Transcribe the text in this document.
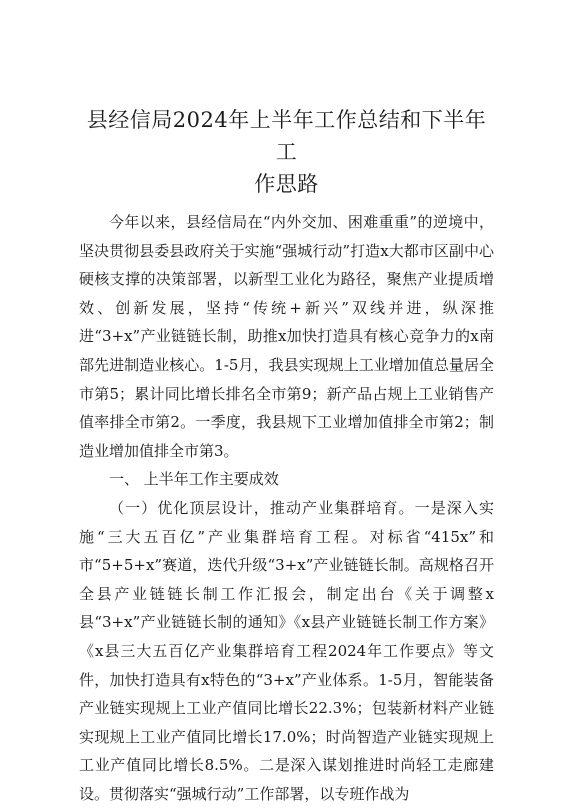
县经信局2024年上半年工作总结和下半年工
作思路

今年以来，县经信局在“内外交加、困难重重”的逆境中，坚决贯彻县委县政府关于实施“强城行动”打造x大都市区副中心硬核支撑的决策部署，以新型工业化为路径，聚焦产业提质增效、创新发展，坚持“传统+新兴”双线并进，纵深推进“3+x”产业链链长制，助推x加快打造具有核心竞争力的x南部先进制造业核心。1-5月，我县实现规上工业增加值总量居全市第5；累计同比增长排名全市第9；新产品占规上工业销售产值率排全市第2。一季度，我县规下工业增加值排全市第2；制造业增加值排全市第3。

一、 上半年工作主要成效

（一）优化顶层设计，推动产业集群培育。一是深入实施“三大五百亿”产业集群培育工程。对标省“415x”和市“5+5+x”赛道，迭代升级“3+x”产业链链长制。高规格召开全县产业链链长制工作汇报会，制定出台《关于调整x县“3+x”产业链链长制的通知》《x县产业链链长制工作方案》《x县三大五百亿产业集群培育工程2024年工作要点》等文件，加快打造具有x特色的“3+x”产业体系。1-5月，智能装备产业链实现规上工业产值同比增长22.3%；包装新材料产业链实现规上工业产值同比增长17.0%；时尚智造产业链实现规上工业产值同比增长8.5%。二是深入谋划推进时尚轻工走廊建设。贯彻落实“强城行动”工作部署，以专班作战为
